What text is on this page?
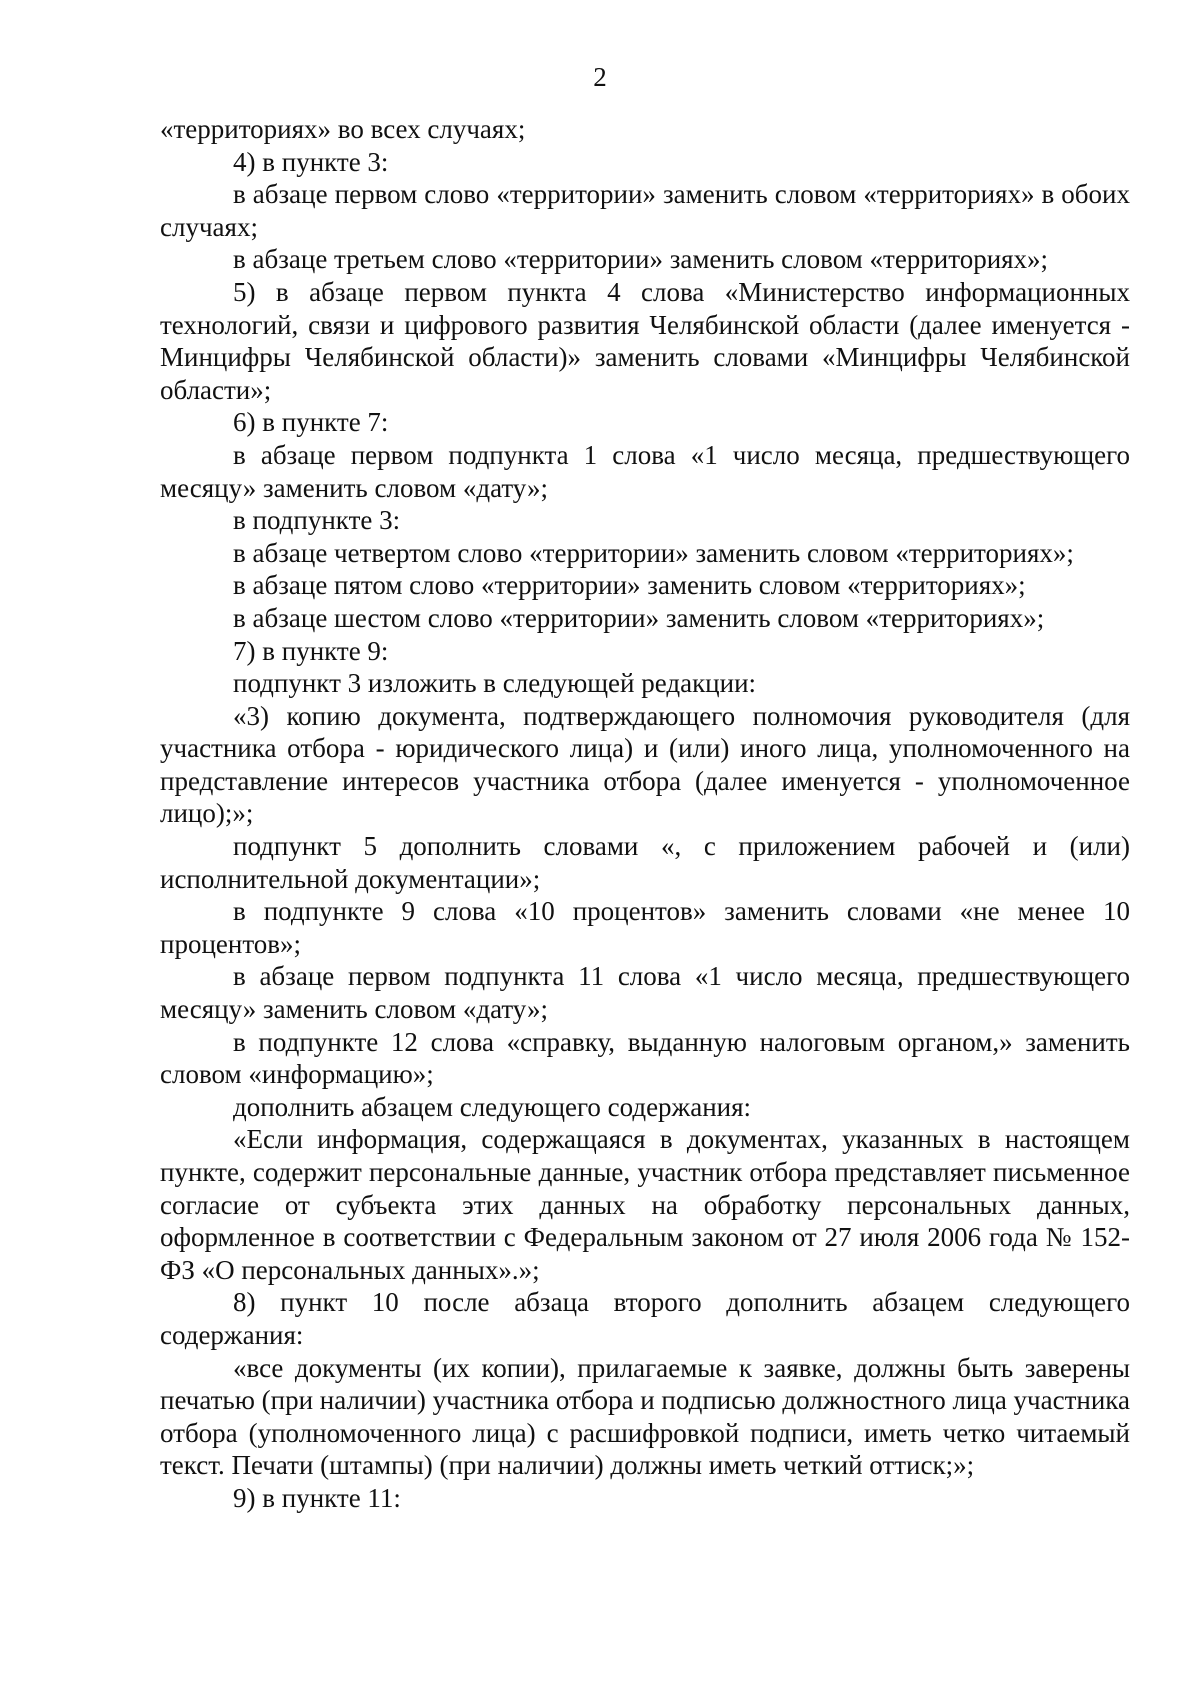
2

«территориях» во всех случаях;

4) в пункте 3:

в абзаце первом слово «территории» заменить словом «территориях» в обоих случаях;

в абзаце третьем слово «территории» заменить словом «территориях»;

5) в абзаце первом пункта 4 слова «Министерство информационных технологий, связи и цифрового развития Челябинской области (далее именуется - Минцифры Челябинской области)» заменить словами «Минцифры Челябинской области»;

6) в пункте 7:

в абзаце первом подпункта 1 слова «1 число месяца, предшествующего месяцу» заменить словом «дату»;

в подпункте 3:

в абзаце четвертом слово «территории» заменить словом «территориях»;

в абзаце пятом слово «территории» заменить словом «территориях»;

в абзаце шестом слово «территории» заменить словом «территориях»;

7) в пункте 9:

подпункт 3 изложить в следующей редакции:

«3) копию документа, подтверждающего полномочия руководителя (для участника отбора - юридического лица) и (или) иного лица, уполномоченного на представление интересов участника отбора (далее именуется - уполномоченное лицо);»;

подпункт 5 дополнить словами «, с приложением рабочей и (или) исполнительной документации»;

в подпункте 9 слова «10 процентов» заменить словами «не менее 10 процентов»;

в абзаце первом подпункта 11 слова «1 число месяца, предшествующего месяцу» заменить словом «дату»;

в подпункте 12 слова «справку, выданную налоговым органом,» заменить словом «информацию»;

дополнить абзацем следующего содержания:

«Если информация, содержащаяся в документах, указанных в настоящем пункте, содержит персональные данные, участник отбора представляет письменное согласие от субъекта этих данных на обработку персональных данных, оформленное в соответствии с Федеральным законом от 27 июля 2006 года № 152-ФЗ «О персональных данных».»;

8) пункт 10 после абзаца второго дополнить абзацем следующего содержания:

«все документы (их копии), прилагаемые к заявке, должны быть заверены печатью (при наличии) участника отбора и подписью должностного лица участника отбора (уполномоченного лица) с расшифровкой подписи, иметь четко читаемый текст. Печати (штампы) (при наличии) должны иметь четкий оттиск;»;

9) в пункте 11:
